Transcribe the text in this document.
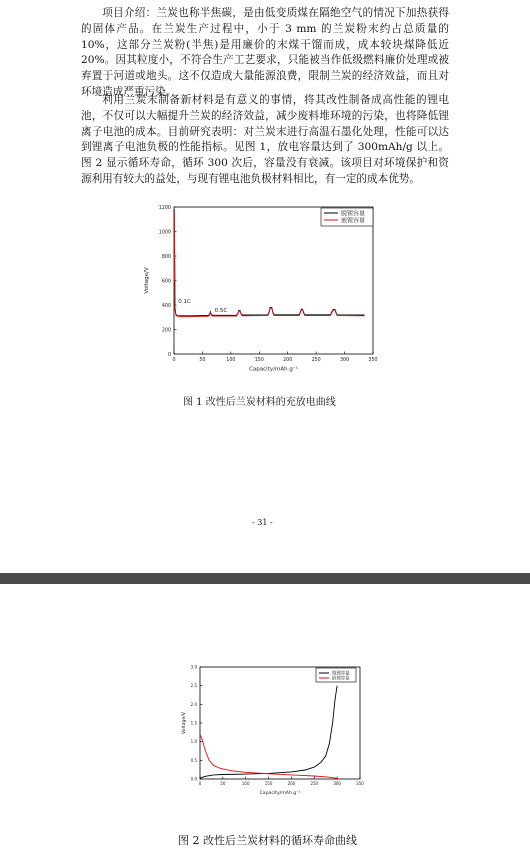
项目介绍：兰炭也称半焦碳，是由低变质煤在隔绝空气的情况下加热获得的固体产品。在兰炭生产过程中，小于 3 mm 的兰炭粉末约占总质量的 10%，这部分兰炭粉(半焦)是用廉价的末煤干馏而成，成本较块煤降低近 20%。因其粒度小，不符合生产工艺要求，只能被当作低级燃料廉价处理或被弃置于河道或地头。这不仅造成大量能源浪费，限制兰炭的经济效益，而且对环境造成严重污染。

利用兰炭末制备新材料是有意义的事情，将其改性制备成高性能的锂电池，不仅可以大幅提升兰炭的经济效益，减少废料堆环境的污染，也将降低锂离子电池的成本。目前研究表明：对兰炭末进行高温石墨化处理，性能可以达到锂离子电池负极的性能指标。见图 1，放电容量达到了 300mAh/g 以上。图 2 显示循环寿命，循环 300 次后，容量没有衰减。该项目对环境保护和资源利用有较大的益处，与现有锂电池负极材料相比，有一定的成本优势。

0	50	100	150	200	250	300	350
0
200
400
600
800
1000
1200
Capacity/mAh.g⁻¹
Voltage/V
0.1C
0.5C
脱锂容量
嵌锂容量
图 1 改性后兰炭材料的充放电曲线
- 31 -
0	50	100	150	200	250	300	350
0.0
0.5
1.0
1.5
2.0
2.5
3.0
Capacity/mAh.g⁻¹
Voltage/V
脱锂容量
嵌锂容量
图 2 改性后兰炭材料的循环寿命曲线
